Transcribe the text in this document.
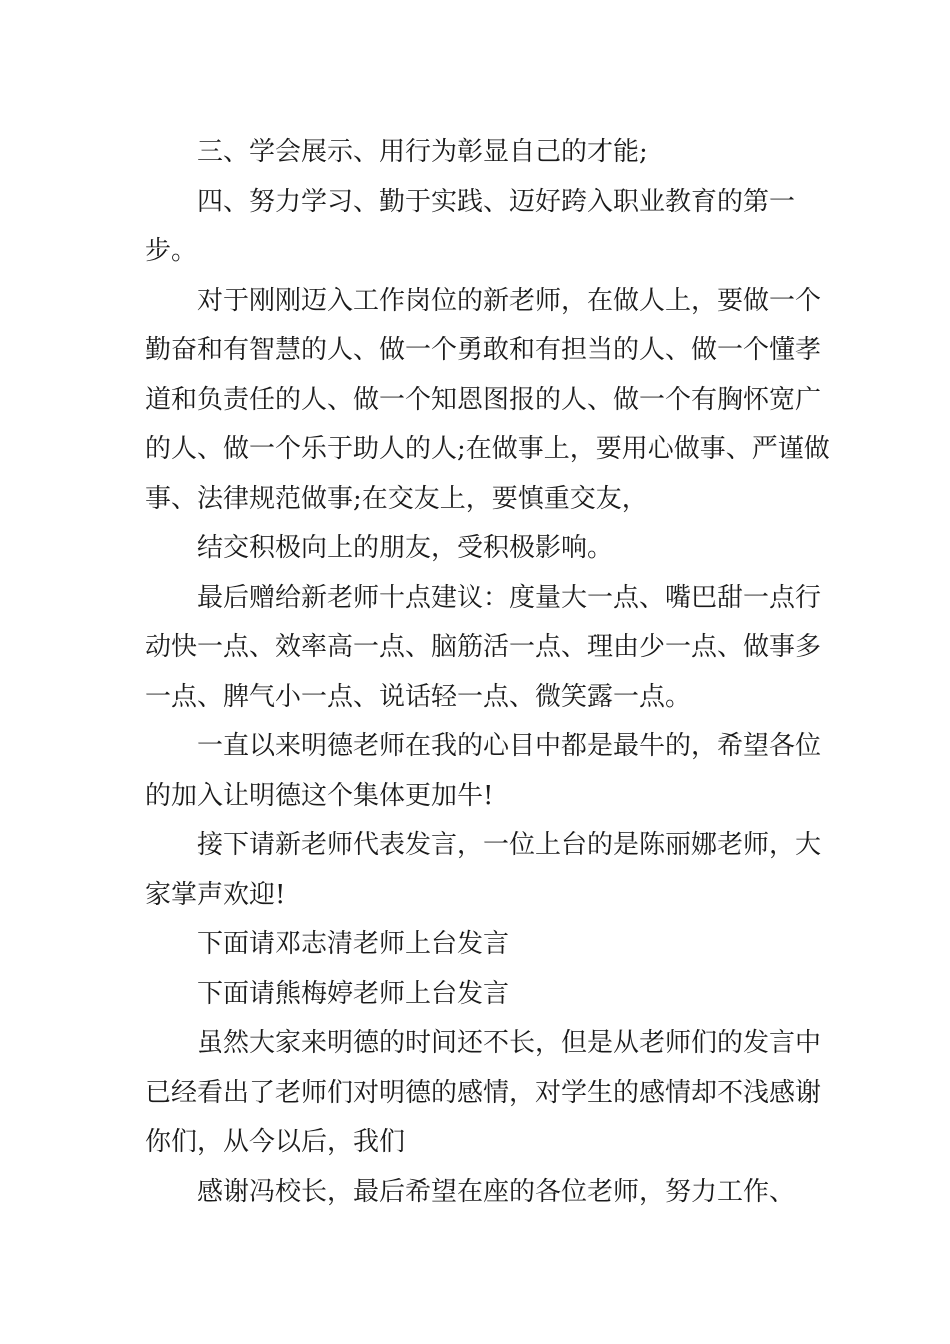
三、学会展示、用行为彰显自己的才能;

四、努力学习、勤于实践、迈好跨入职业教育的第一步。

对于刚刚迈入工作岗位的新老师，在做人上，要做一个勤奋和有智慧的人、做一个勇敢和有担当的人、做一个懂孝道和负责任的人、做一个知恩图报的人、做一个有胸怀宽广的人、做一个乐于助人的人;在做事上，要用心做事、严谨做事、法律规范做事;在交友上，要慎重交友，

结交积极向上的朋友，受积极影响。

最后赠给新老师十点建议：度量大一点、嘴巴甜一点行动快一点、效率高一点、脑筋活一点、理由少一点、做事多一点、脾气小一点、说话轻一点、微笑露一点。

一直以来明德老师在我的心目中都是最牛的，希望各位的加入让明德这个集体更加牛!

接下请新老师代表发言，一位上台的是陈丽娜老师，大家掌声欢迎!

下面请邓志清老师上台发言

下面请熊梅婷老师上台发言

虽然大家来明德的时间还不长，但是从老师们的发言中已经看出了老师们对明德的感情，对学生的感情却不浅感谢你们，从今以后，我们

感谢冯校长，最后希望在座的各位老师，努力工作、
